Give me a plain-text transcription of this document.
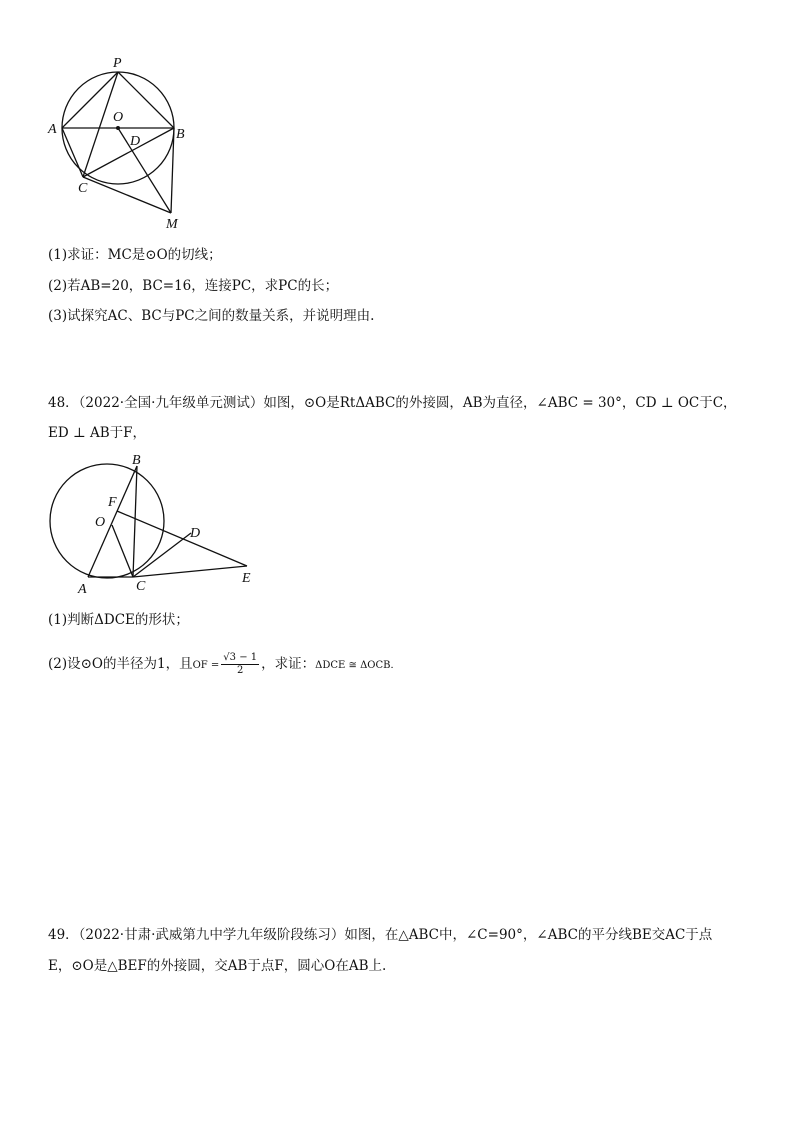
P
A
O
B
D
C
M
(1)求证：MC是⊙O的切线；
(2)若AB=20，BC=16，连接PC，求PC的长；
(3)试探究AC、BC与PC之间的数量关系，并说明理由.
48．（2022·全国·九年级单元测试）如图，⊙O是RtΔABC的外接圆，AB为直径，∠ABC = 30°，CD ⊥ OC于C，
ED ⊥ AB于F，
B
F
O
D
A	C
E
(1)判断ΔDCE的形状；
(2)设⊙O的半径为1，且OF = $\frac{√3 - 1}{2}$ ，求证：ΔDCE ≅ ΔOCB．
49．（2022·甘肃·武威第九中学九年级阶段练习）如图，在△ABC中，∠C=90°，∠ABC的平分线BE交AC于点
E，⊙O是△BEF的外接圆，交AB于点F，圆心O在AB上.
